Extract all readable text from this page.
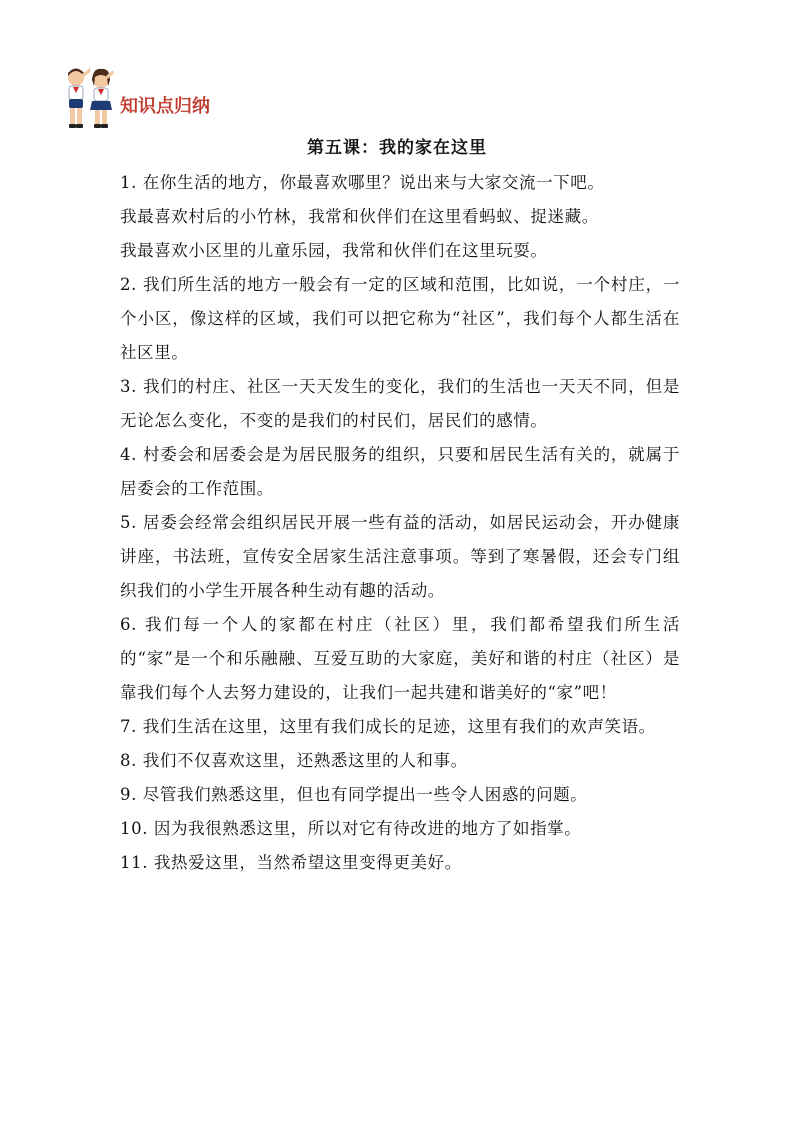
知识点归纳
第五课：我的家在这里

1. 在你生活的地方，你最喜欢哪里？说出来与大家交流一下吧。

我最喜欢村后的小竹林，我常和伙伴们在这里看蚂蚁、捉迷藏。

我最喜欢小区里的儿童乐园，我常和伙伴们在这里玩耍。

2. 我们所生活的地方一般会有一定的区域和范围，比如说，一个村庄，一个小区，像这样的区域，我们可以把它称为“社区”，我们每个人都生活在社区里。

3. 我们的村庄、社区一天天发生的变化，我们的生活也一天天不同，但是无论怎么变化，不变的是我们的村民们，居民们的感情。

4. 村委会和居委会是为居民服务的组织，只要和居民生活有关的，就属于居委会的工作范围。

5. 居委会经常会组织居民开展一些有益的活动，如居民运动会，开办健康讲座，书法班，宣传安全居家生活注意事项。等到了寒暑假，还会专门组织我们的小学生开展各种生动有趣的活动。

6. 我们每一个人的家都在村庄（社区）里，我们都希望我们所生活的“家”是一个和乐融融、互爱互助的大家庭，美好和谐的村庄（社区）是靠我们每个人去努力建设的，让我们一起共建和谐美好的“家”吧！

7. 我们生活在这里，这里有我们成长的足迹，这里有我们的欢声笑语。

8. 我们不仅喜欢这里，还熟悉这里的人和事。

9. 尽管我们熟悉这里，但也有同学提出一些令人困惑的问题。

10. 因为我很熟悉这里，所以对它有待改进的地方了如指掌。

11. 我热爱这里，当然希望这里变得更美好。
